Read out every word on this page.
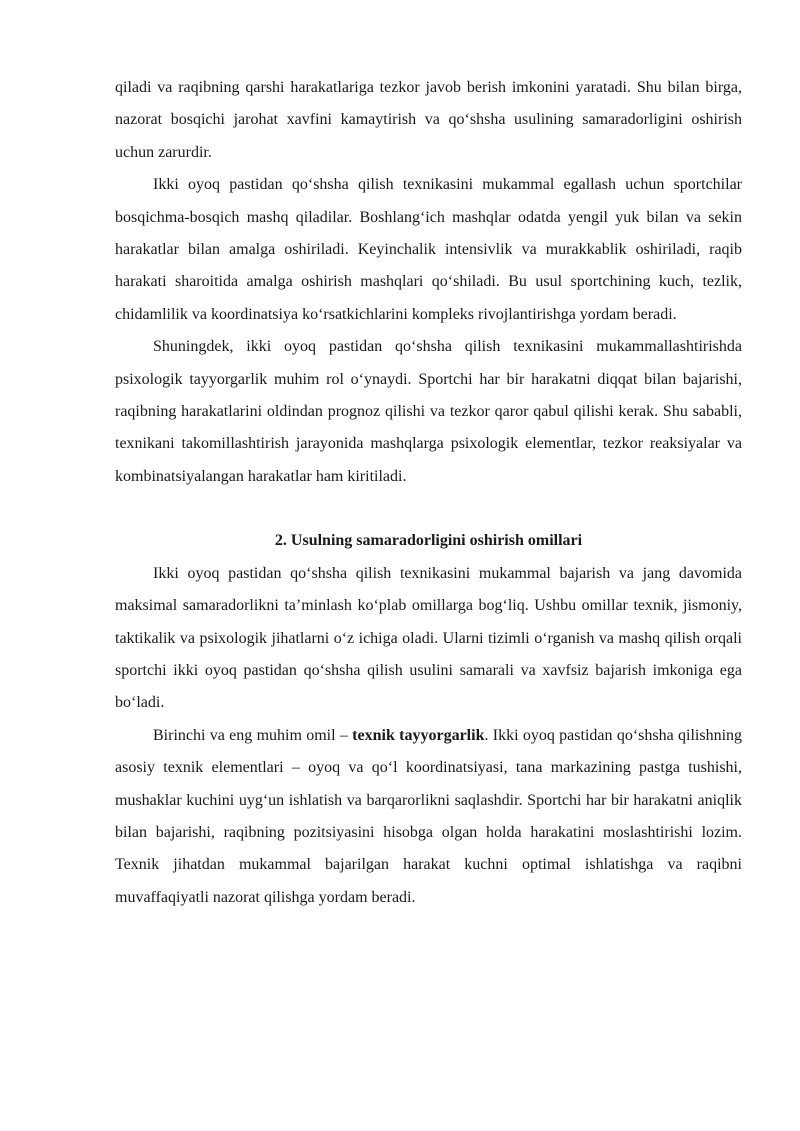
qiladi va raqibning qarshi harakatlariga tezkor javob berish imkonini yaratadi. Shu bilan birga, nazorat bosqichi jarohat xavfini kamaytirish va qo‘shsha usulining samaradorligini oshirish uchun zarurdir.

Ikki oyoq pastidan qo‘shsha qilish texnikasini mukammal egallash uchun sportchilar bosqichma-bosqich mashq qiladilar. Boshlang‘ich mashqlar odatda yengil yuk bilan va sekin harakatlar bilan amalga oshiriladi. Keyinchalik intensivlik va murakkablik oshiriladi, raqib harakati sharoitida amalga oshirish mashqlari qo‘shiladi. Bu usul sportchining kuch, tezlik, chidamlilik va koordinatsiya ko‘rsatkichlarini kompleks rivojlantirishga yordam beradi.

Shuningdek, ikki oyoq pastidan qo‘shsha qilish texnikasini mukammallashtirishda psixologik tayyorgarlik muhim rol o‘ynaydi. Sportchi har bir harakatni diqqat bilan bajarishi, raqibning harakatlarini oldindan prognoz qilishi va tezkor qaror qabul qilishi kerak. Shu sababli, texnikani takomillashtirish jarayonida mashqlarga psixologik elementlar, tezkor reaksiyalar va kombinatsiyalangan harakatlar ham kiritiladi.

2. Usulning samaradorligini oshirish omillari

Ikki oyoq pastidan qo‘shsha qilish texnikasini mukammal bajarish va jang davomida maksimal samaradorlikni ta’minlash ko‘plab omillarga bog‘liq. Ushbu omillar texnik, jismoniy, taktikalik va psixologik jihatlarni o‘z ichiga oladi. Ularni tizimli o‘rganish va mashq qilish orqali sportchi ikki oyoq pastidan qo‘shsha qilish usulini samarali va xavfsiz bajarish imkoniga ega bo‘ladi.

Birinchi va eng muhim omil – texnik tayyorgarlik. Ikki oyoq pastidan qo‘shsha qilishning asosiy texnik elementlari – oyoq va qo‘l koordinatsiyasi, tana markazining pastga tushishi, mushaklar kuchini uyg‘un ishlatish va barqarorlikni saqlashdir. Sportchi har bir harakatni aniqlik bilan bajarishi, raqibning pozitsiyasini hisobga olgan holda harakatini moslashtirishi lozim. Texnik jihatdan mukammal bajarilgan harakat kuchni optimal ishlatishga va raqibni muvaffaqiyatli nazorat qilishga yordam beradi.
